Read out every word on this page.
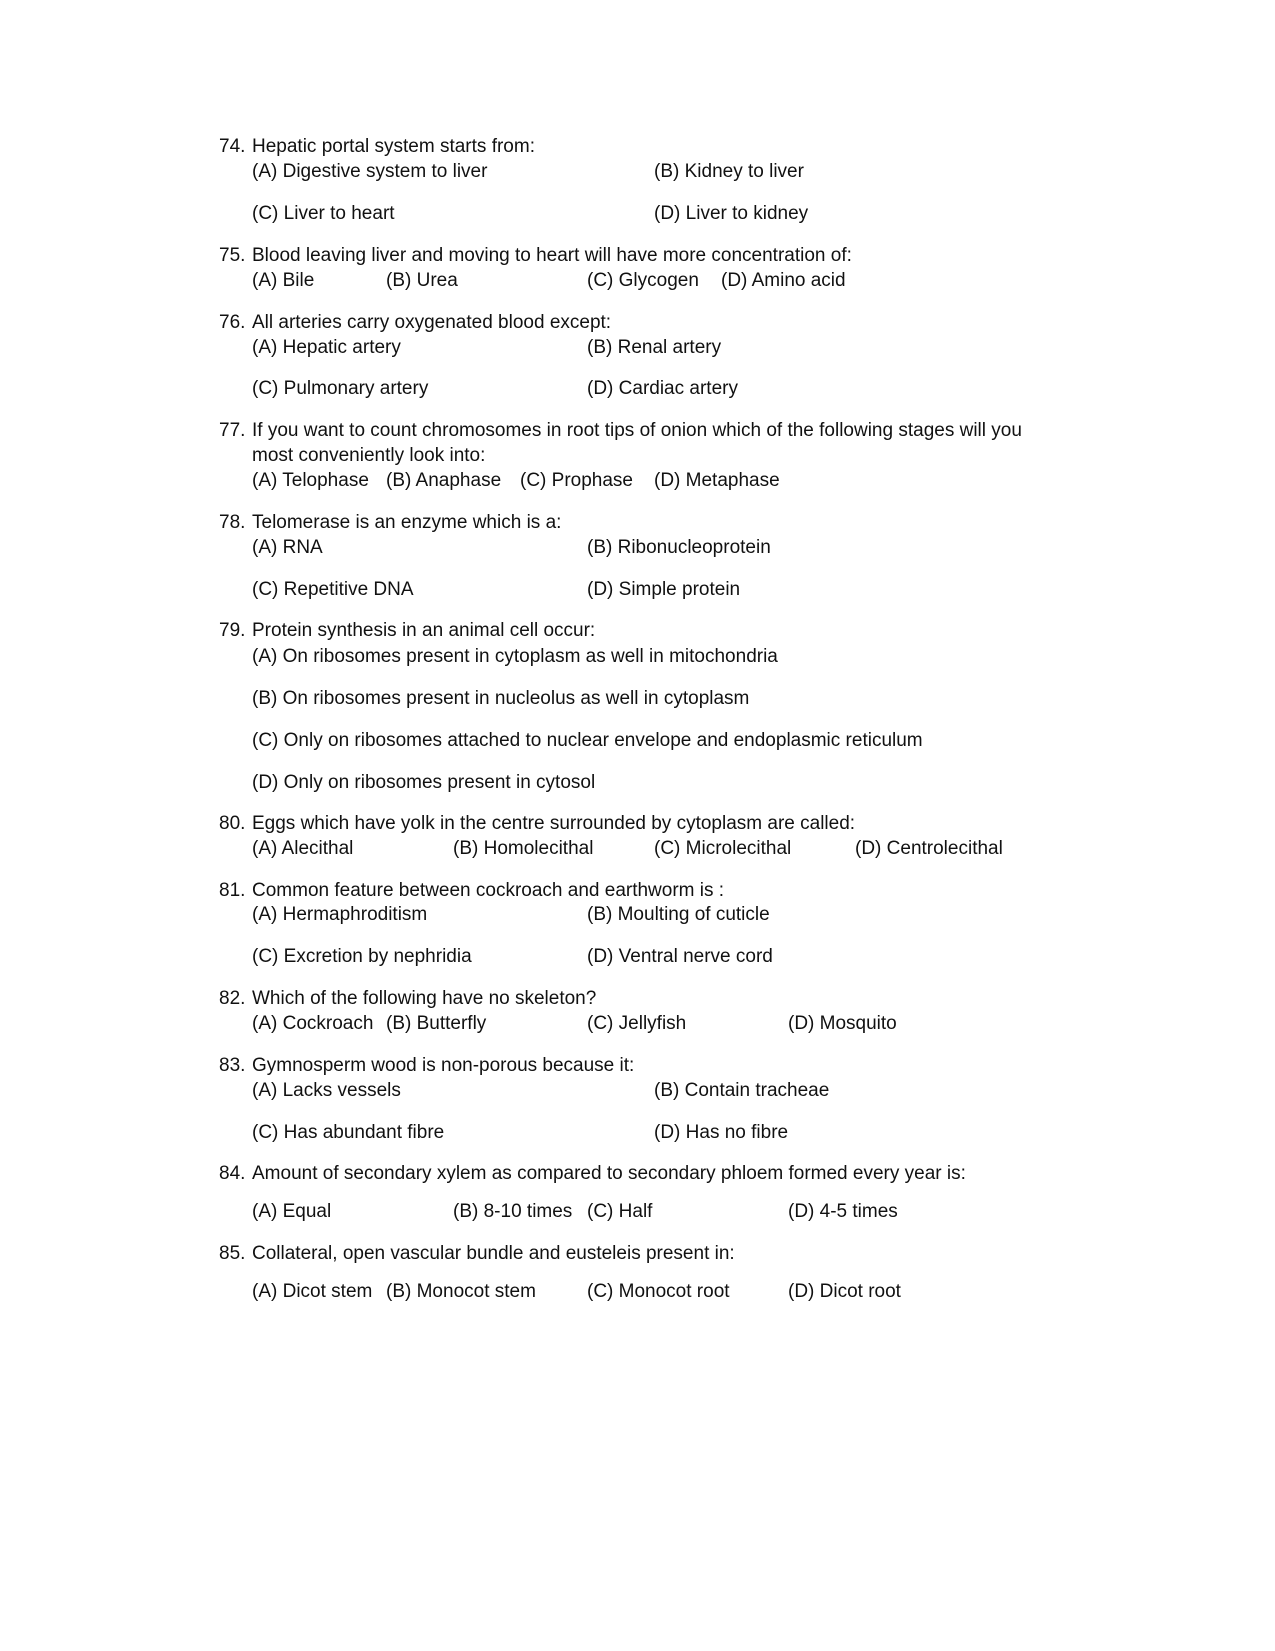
74. Hepatic portal system starts from:
(A) Digestive system to liver	(B) Kidney to liver
(C) Liver to heart	(D) Liver to kidney
75. Blood leaving liver and moving to heart will have more concentration of:
(A) Bile	(B) Urea	(C) Glycogen (D) Amino acid
76. All arteries carry oxygenated blood except:
(A) Hepatic artery	(B) Renal artery
(C) Pulmonary artery	(D) Cardiac artery
77. If you want to count chromosomes in root tips of onion which of the following stages will you
most conveniently look into:
(A) Telophase (B) Anaphase (C) Prophase (D) Metaphase
78. Telomerase is an enzyme which is a:
(A) RNA	(B) Ribonucleoprotein
(C) Repetitive DNA	(D) Simple protein
79. Protein synthesis in an animal cell occur:
(A) On ribosomes present in cytoplasm as well in mitochondria
(B) On ribosomes present in nucleolus as well in cytoplasm
(C) Only on ribosomes attached to nuclear envelope and endoplasmic reticulum
(D) Only on ribosomes present in cytosol
80. Eggs which have yolk in the centre surrounded by cytoplasm are called:
(A) Alecithal	(B) Homolecithal	(C) Microlecithal	(D) Centrolecithal
81. Common feature between cockroach and earthworm is :
(A) Hermaphroditism	(B) Moulting of cuticle
(C) Excretion by nephridia	(D) Ventral nerve cord
82. Which of the following have no skeleton?
(A) Cockroach (B) Butterfly	(C) Jellyfish	(D) Mosquito
83. Gymnosperm wood is non-porous because it:
(A) Lacks vessels	(B) Contain tracheae
(C) Has abundant fibre	(D) Has no fibre
84. Amount of secondary xylem as compared to secondary phloem formed every year is:
(A) Equal	(B) 8-10 times (C) Half	(D) 4-5 times
85. Collateral, open vascular bundle and eusteleis present in:
(A) Dicot stem (B) Monocot stem	(C) Monocot root	(D) Dicot root
